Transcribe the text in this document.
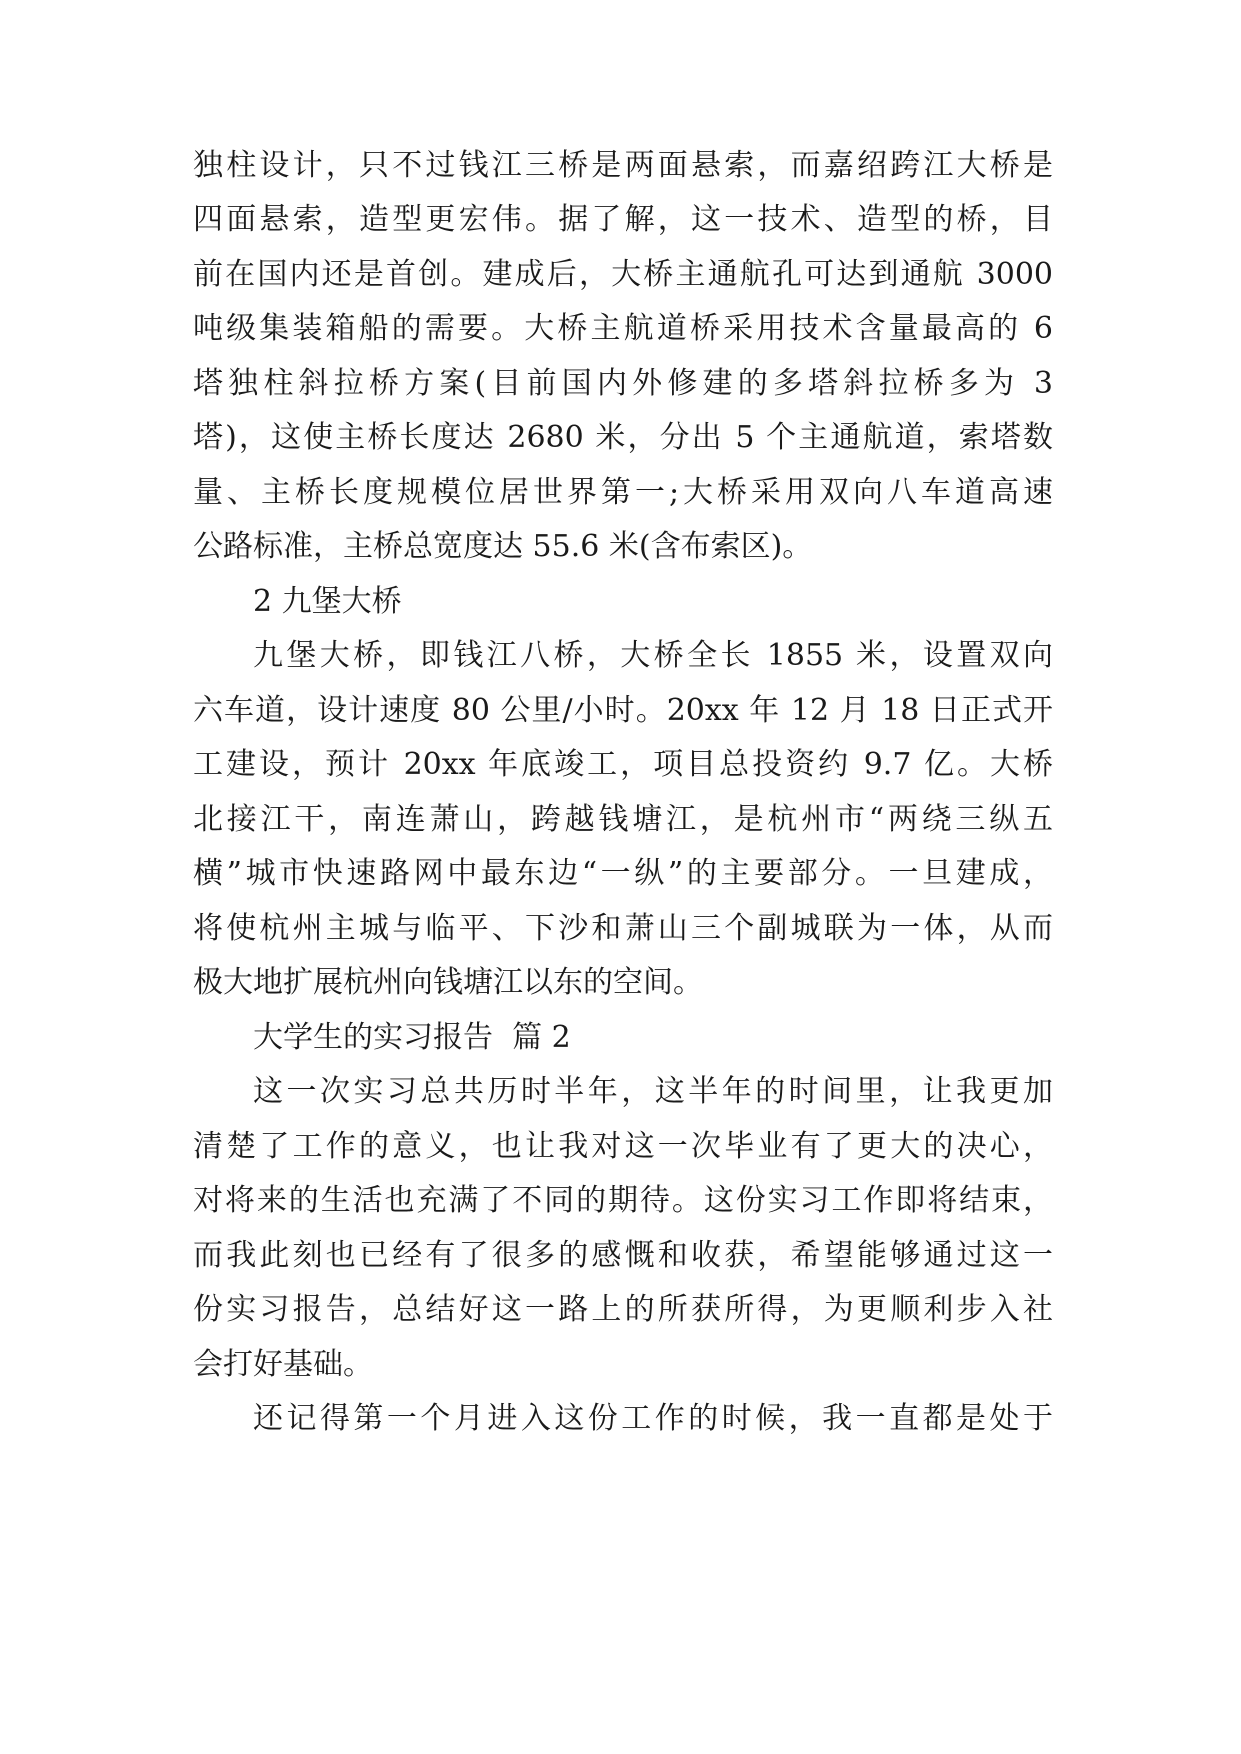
独柱设计，只不过钱江三桥是两面悬索，而嘉绍跨江大桥是
四面悬索，造型更宏伟。据了解，这一技术、造型的桥，目
前在国内还是首创。建成后，大桥主通航孔可达到通航 3000
吨级集装箱船的需要。大桥主航道桥采用技术含量最高的 6
塔独柱斜拉桥方案(目前国内外修建的多塔斜拉桥多为 3
塔)，这使主桥长度达 2680 米，分出 5 个主通航道，索塔数
量、主桥长度规模位居世界第一;大桥采用双向八车道高速
公路标准，主桥总宽度达 55.6 米(含布索区)。
2 九堡大桥
九堡大桥，即钱江八桥，大桥全长 1855 米，设置双向
六车道，设计速度 80 公里/小时。20xx 年 12 月 18 日正式开
工建设，预计 20xx 年底竣工，项目总投资约 9.7 亿。大桥
北接江干，南连萧山，跨越钱塘江，是杭州市“两绕三纵五
横”城市快速路网中最东边“一纵”的主要部分。一旦建成，
将使杭州主城与临平、下沙和萧山三个副城联为一体，从而
极大地扩展杭州向钱塘江以东的空间。
大学生的实习报告  篇 2
这一次实习总共历时半年，这半年的时间里，让我更加
清楚了工作的意义，也让我对这一次毕业有了更大的决心，
对将来的生活也充满了不同的期待。这份实习工作即将结束，
而我此刻也已经有了很多的感慨和收获，希望能够通过这一
份实习报告，总结好这一路上的所获所得，为更顺利步入社
会打好基础。
还记得第一个月进入这份工作的时候，我一直都是处于
